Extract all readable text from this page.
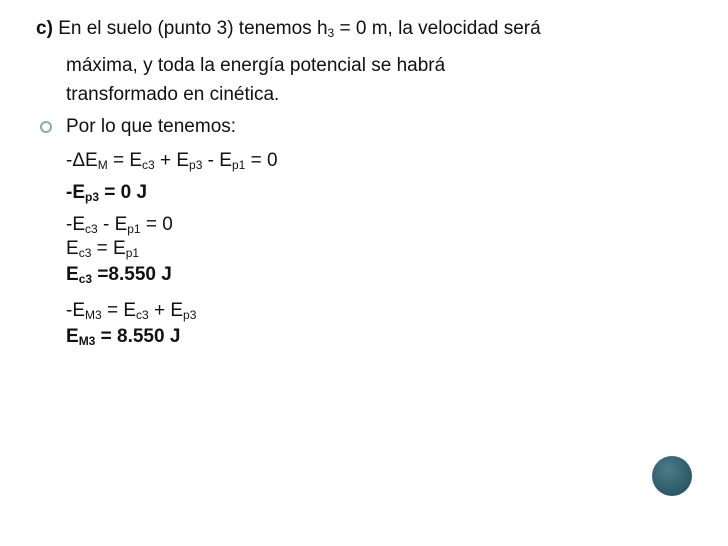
c) En el suelo (punto 3) tenemos $h_3 = 0$ m, la velocidad será
máxima, y toda la energía potencial se habrá
transformado en cinética.
Por lo que tenemos:
$-\Delta E_M = E_{c3} + E_{p3} - E_{p1} = 0$
$-E_{p3} = 0$ J
$-E_{c3} - E_{p1} = 0$
$E_{c3} = E_{p1}$
$E_{c3} =8.550$ J
$-E_{M3} = E_{c3} + E_{p3}$
$E_{M3} = 8.550$ J
